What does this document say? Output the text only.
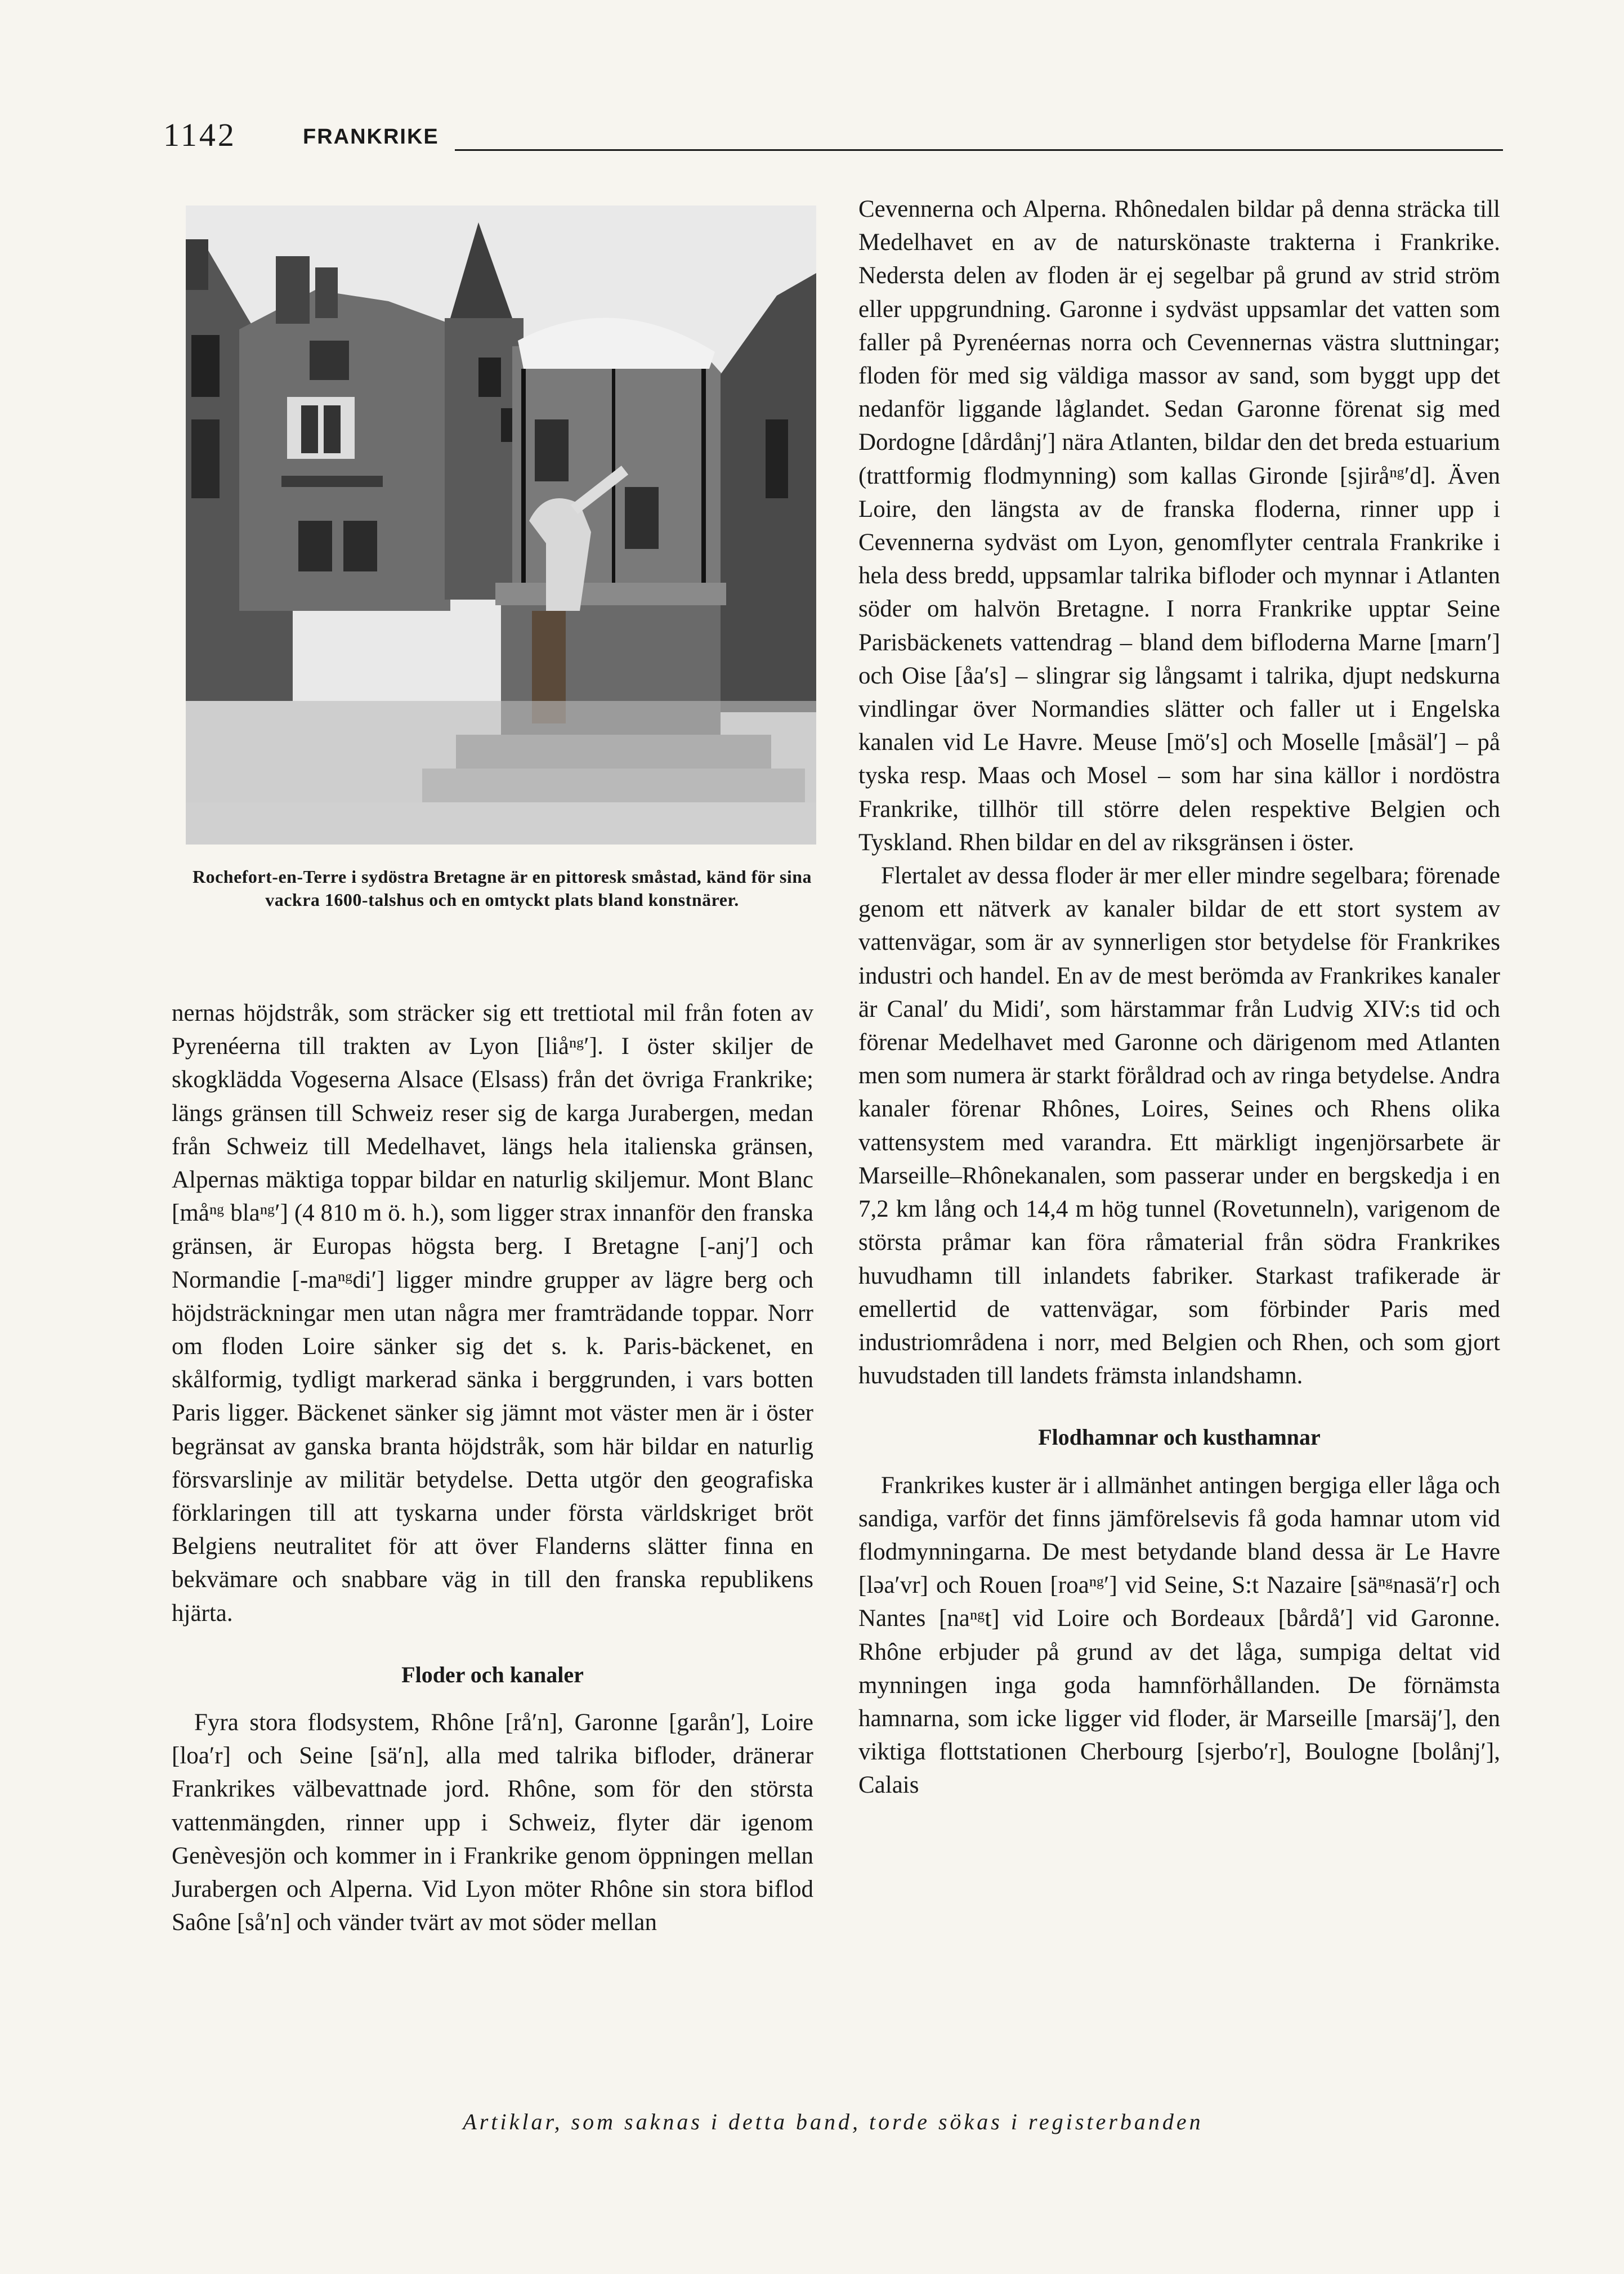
1142	FRANKRIKE
Rochefort-en-Terre i sydöstra Bretagne är en pittoresk småstad, känd för sina vackra 1600-talshus och en omtyckt plats bland konstnärer.

nernas höjdstråk, som sträcker sig ett trettiotal mil från foten av Pyrenéerna till trakten av Lyon [liåⁿᵍ′]. I öster skiljer de skogklädda Vogeserna Alsace (Elsass) från det övriga Frankrike; längs gränsen till Schweiz reser sig de karga Jurabergen, medan från Schweiz till Medelhavet, längs hela italienska gränsen, Alpernas mäktiga toppar bildar en naturlig skiljemur. Mont Blanc [måⁿᵍ blaⁿᵍ′] (4 810 m ö. h.), som ligger strax innanför den franska gränsen, är Europas högsta berg. I Bretagne [-anj′] och Normandie [-maⁿᵍdi′] ligger mindre grupper av lägre berg och höjdsträckningar men utan några mer framträdande toppar. Norr om floden Loire sänker sig det s. k. Paris-bäckenet, en skålformig, tydligt markerad sänka i berggrunden, i vars botten Paris ligger. Bäckenet sänker sig jämnt mot väster men är i öster begränsat av ganska branta höjdstråk, som här bildar en naturlig försvarslinje av militär betydelse. Detta utgör den geografiska förklaringen till att tyskarna under första världskriget bröt Belgiens neutralitet för att över Flanderns slätter finna en bekvämare och snabbare väg in till den franska republikens hjärta.

Floder och kanaler

Fyra stora flodsystem, Rhône [rå′n], Garonne [garån′], Loire [loa′r] och Seine [sä′n], alla med talrika bifloder, dränerar Frankrikes välbevattnade jord. Rhône, som för den största vattenmängden, rinner upp i Schweiz, flyter där igenom Genèvesjön och kommer in i Frankrike genom öppningen mellan Jurabergen och Alperna. Vid Lyon möter Rhône sin stora biflod Saône [så′n] och vänder tvärt av mot söder mellan

Cevennerna och Alperna. Rhônedalen bildar på denna sträcka till Medelhavet en av de naturskönaste trakterna i Frankrike. Nedersta delen av floden är ej segelbar på grund av strid ström eller uppgrundning. Garonne i sydväst uppsamlar det vatten som faller på Pyrenéernas norra och Cevennernas västra sluttningar; floden för med sig väldiga massor av sand, som byggt upp det nedanför liggande låglandet. Sedan Garonne förenat sig med Dordogne [dårdånj′] nära Atlanten, bildar den det breda estuarium (trattformig flodmynning) som kallas Gironde [sjiråⁿᵍ′d]. Även Loire, den längsta av de franska floderna, rinner upp i Cevennerna sydväst om Lyon, genomflyter centrala Frankrike i hela dess bredd, uppsamlar talrika bifloder och mynnar i Atlanten söder om halvön Bretagne. I norra Frankrike upptar Seine Parisbäckenets vattendrag – bland dem bifloderna Marne [marn′] och Oise [åa′s] – slingrar sig långsamt i talrika, djupt nedskurna vindlingar över Normandies slätter och faller ut i Engelska kanalen vid Le Havre. Meuse [mö′s] och Moselle [måsäl′] – på tyska resp. Maas och Mosel – som har sina källor i nordöstra Frankrike, tillhör till större delen respektive Belgien och Tyskland. Rhen bildar en del av riksgränsen i öster.

Flertalet av dessa floder är mer eller mindre segelbara; förenade genom ett nätverk av kanaler bildar de ett stort system av vattenvägar, som är av synnerligen stor betydelse för Frankrikes industri och handel. En av de mest berömda av Frankrikes kanaler är Canal′ du Midi′, som härstammar från Ludvig XIV:s tid och förenar Medelhavet med Garonne och därigenom med Atlanten men som numera är starkt föråldrad och av ringa betydelse. Andra kanaler förenar Rhônes, Loires, Seines och Rhens olika vattensystem med varandra. Ett märkligt ingenjörsarbete är Marseille–Rhônekanalen, som passerar under en bergskedja i en 7,2 km lång och 14,4 m hög tunnel (Rovetunneln), varigenom de största pråmar kan föra råmaterial från södra Frankrikes huvudhamn till inlandets fabriker. Starkast trafikerade är emellertid de vattenvägar, som förbinder Paris med industriområdena i norr, med Belgien och Rhen, och som gjort huvudstaden till landets främsta inlandshamn.

Flodhamnar och kusthamnar

Frankrikes kuster är i allmänhet antingen bergiga eller låga och sandiga, varför det finns jämförelsevis få goda hamnar utom vid flodmynningarna. De mest betydande bland dessa är Le Havre [ləa′vr] och Rouen [roaⁿᵍ′] vid Seine, S:t Nazaire [säⁿᵍnasä′r] och Nantes [naⁿᵍt] vid Loire och Bordeaux [bårdå′] vid Garonne. Rhône erbjuder på grund av det låga, sumpiga deltat vid mynningen inga goda hamnförhållanden. De förnämsta hamnarna, som icke ligger vid floder, är Marseille [marsäj′], den viktiga flottstationen Cherbourg [sjerbo′r], Boulogne [bolånj′], Calais

Artiklar, som saknas i detta band, torde sökas i registerbanden
